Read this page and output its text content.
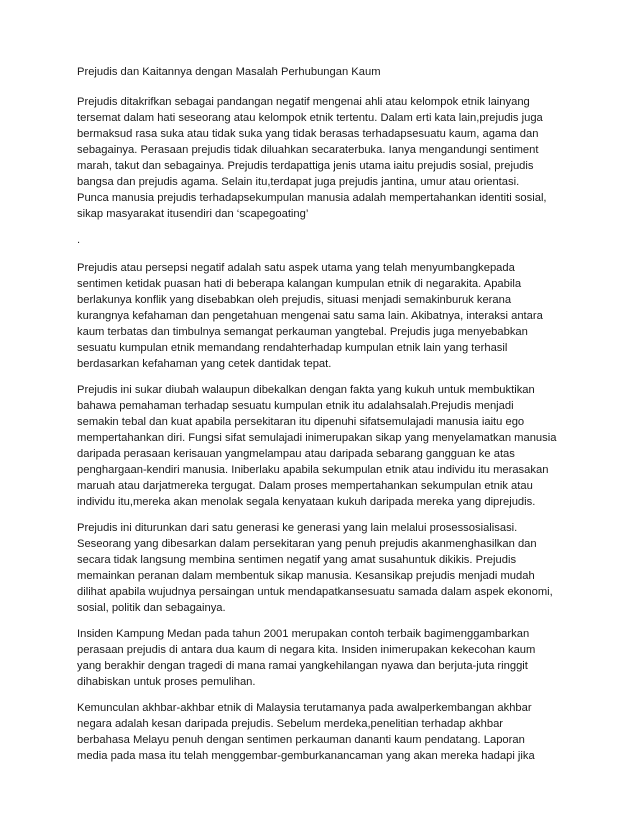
Prejudis dan Kaitannya dengan Masalah Perhubungan Kaum
Prejudis ditakrifkan sebagai pandangan negatif mengenai ahli atau kelompok etnik lainyang
tersemat dalam hati seseorang atau kelompok etnik tertentu. Dalam erti kata lain,prejudis juga
bermaksud rasa suka atau tidak suka yang tidak berasas terhadapsesuatu kaum, agama dan
sebagainya. Perasaan prejudis tidak diluahkan secaraterbuka. Ianya mengandungi sentiment
marah, takut dan sebagainya. Prejudis terdapattiga jenis utama iaitu prejudis sosial, prejudis
bangsa dan prejudis agama. Selain itu,terdapat juga prejudis jantina, umur atau orientasi.
Punca manusia prejudis terhadapsekumpulan manusia adalah mempertahankan identiti sosial,
sikap masyarakat itusendiri dan ‘scapegoating’
.
Prejudis atau persepsi negatif adalah satu aspek utama yang telah menyumbangkepada
sentimen ketidak puasan hati di beberapa kalangan kumpulan etnik di negarakita. Apabila
berlakunya konflik yang disebabkan oleh prejudis, situasi menjadi semakinburuk kerana
kurangnya kefahaman dan pengetahuan mengenai satu sama lain. Akibatnya, interaksi antara
kaum terbatas dan timbulnya semangat perkauman yangtebal. Prejudis juga menyebabkan
sesuatu kumpulan etnik memandang rendahterhadap kumpulan etnik lain yang terhasil
berdasarkan kefahaman yang cetek dantidak tepat.
Prejudis ini sukar diubah walaupun dibekalkan dengan fakta yang kukuh untuk membuktikan
bahawa pemahaman terhadap sesuatu kumpulan etnik itu adalahsalah.Prejudis menjadi
semakin tebal dan kuat apabila persekitaran itu dipenuhi sifatsemulajadi manusia iaitu ego
mempertahankan diri. Fungsi sifat semulajadi inimerupakan sikap yang menyelamatkan manusia
daripada perasaan kerisauan yangmelampau atau daripada sebarang gangguan ke atas
penghargaan-kendiri manusia. Iniberlaku apabila sekumpulan etnik atau individu itu merasakan
maruah atau darjatmereka tergugat. Dalam proses mempertahankan sekumpulan etnik atau
individu itu,mereka akan menolak segala kenyataan kukuh daripada mereka yang diprejudis.
Prejudis ini diturunkan dari satu generasi ke generasi yang lain melalui prosessosialisasi.
Seseorang yang dibesarkan dalam persekitaran yang penuh prejudis akanmenghasilkan dan
secara tidak langsung membina sentimen negatif yang amat susahuntuk dikikis. Prejudis
memainkan peranan dalam membentuk sikap manusia. Kesansikap prejudis menjadi mudah
dilihat apabila wujudnya persaingan untuk mendapatkansesuatu samada dalam aspek ekonomi,
sosial, politik dan sebagainya.
Insiden Kampung Medan pada tahun 2001 merupakan contoh terbaik bagimenggambarkan
perasaan prejudis di antara dua kaum di negara kita. Insiden inimerupakan kekecohan kaum
yang berakhir dengan tragedi di mana ramai yangkehilangan nyawa dan berjuta-juta ringgit
dihabiskan untuk proses pemulihan.
Kemunculan akhbar-akhbar etnik di Malaysia terutamanya pada awalperkembangan akhbar
negara adalah kesan daripada prejudis. Sebelum merdeka,penelitian terhadap akhbar
berbahasa Melayu penuh dengan sentimen perkauman dananti kaum pendatang. Laporan
media pada masa itu telah menggembar-gemburkanancaman yang akan mereka hadapi jika
